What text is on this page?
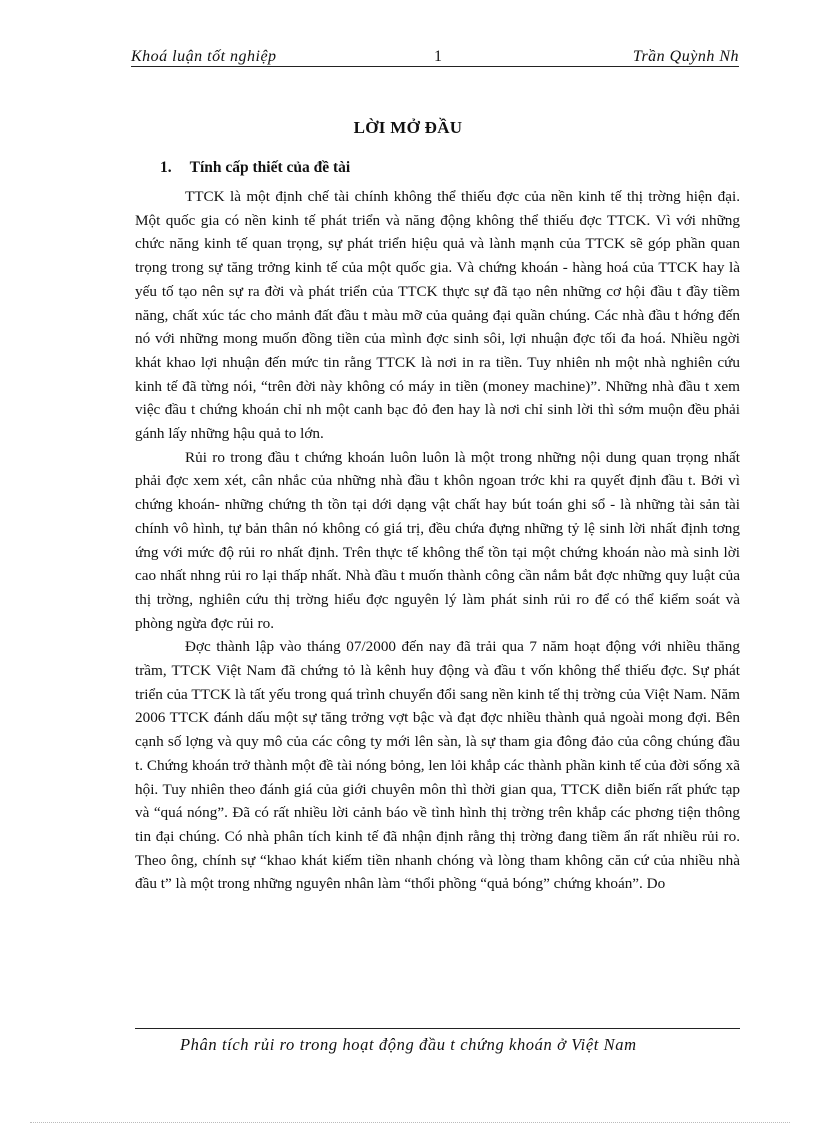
Khoá luận tốt nghiệp	1	Trần Quỳnh Nh
LỜI MỞ ĐẦU
1. Tính cấp thiết của đề tài

TTCK là một định chế tài chính không thể thiếu đợc của nền kinh tế thị trờng hiện đại. Một quốc gia có nền kinh tế phát triển và năng động không thể thiếu đợc TTCK. Vì với những chức năng kinh tế quan trọng, sự phát triển hiệu quả và lành mạnh của TTCK sẽ góp phần quan trọng trong sự tăng trởng kinh tế của một quốc gia. Và chứng khoán - hàng hoá của TTCK hay là yếu tố tạo nên sự ra đời và phát triển của TTCK thực sự đã tạo nên những cơ hội đầu t đầy tiềm năng, chất xúc tác cho mảnh đất đầu t màu mỡ của quảng đại quần chúng. Các nhà đầu t hớng đến nó với những mong muốn đồng tiền của mình đợc sinh sôi, lợi nhuận đợc tối đa hoá. Nhiều ngời khát khao lợi nhuận đến mức tin rằng TTCK là nơi in ra tiền. Tuy nhiên nh một nhà nghiên cứu kinh tế đã từng nói, “trên đời này không có máy in tiền (money machine)”. Những nhà đầu t xem việc đầu t chứng khoán chỉ nh một canh bạc đỏ đen hay là nơi chỉ sinh lời thì sớm muộn đều phải gánh lấy những hậu quả to lớn.

Rủi ro trong đầu t chứng khoán luôn luôn là một trong những nội dung quan trọng nhất phải đợc xem xét, cân nhắc của những nhà đầu t khôn ngoan trớc khi ra quyết định đầu t. Bởi vì chứng khoán- những chứng th tồn tại dới dạng vật chất hay bút toán ghi sổ - là những tài sản tài chính vô hình, tự bản thân nó không có giá trị, đều chứa đựng những tỷ lệ sinh lời nhất định tơng ứng với mức độ rủi ro nhất định. Trên thực tế không thể tồn tại một chứng khoán nào mà sinh lời cao nhất nhng rủi ro lại thấp nhất. Nhà đầu t muốn thành công cần nắm bắt đợc những quy luật của thị trờng, nghiên cứu thị trờng hiểu đợc nguyên lý làm phát sinh rủi ro để có thể kiểm soát và phòng ngừa đợc rủi ro.

Đợc thành lập vào tháng 07/2000 đến nay đã trải qua 7 năm hoạt động với nhiều thăng trầm, TTCK Việt Nam đã chứng tỏ là kênh huy động và đầu t vốn không thể thiếu đợc. Sự phát triển của TTCK là tất yếu trong quá trình chuyển đổi sang nền kinh tế thị trờng của Việt Nam. Năm 2006 TTCK đánh dấu một sự tăng trởng vợt bậc và đạt đợc nhiều thành quả ngoài mong đợi. Bên cạnh số lợng và quy mô của các công ty mới lên sàn, là sự tham gia đông đảo của công chúng đầu t. Chứng khoán trở thành một đề tài nóng bỏng, len lỏi khắp các thành phần kinh tế của đời sống xã hội. Tuy nhiên theo đánh giá của giới chuyên môn thì thời gian qua, TTCK diễn biến rất phức tạp và “quá nóng”. Đã có rất nhiều lời cảnh báo về tình hình thị trờng trên khắp các phơng tiện thông tin đại chúng. Có nhà phân tích kinh tế đã nhận định rằng thị trờng đang tiềm ẩn rất nhiều rủi ro. Theo ông, chính sự “khao khát kiếm tiền nhanh chóng và lòng tham không căn cứ của nhiều nhà đầu t” là một trong những nguyên nhân làm “thổi phồng “quả bóng” chứng khoán”. Do

Phân tích rủi ro trong hoạt động đầu t chứng khoán ở Việt Nam
